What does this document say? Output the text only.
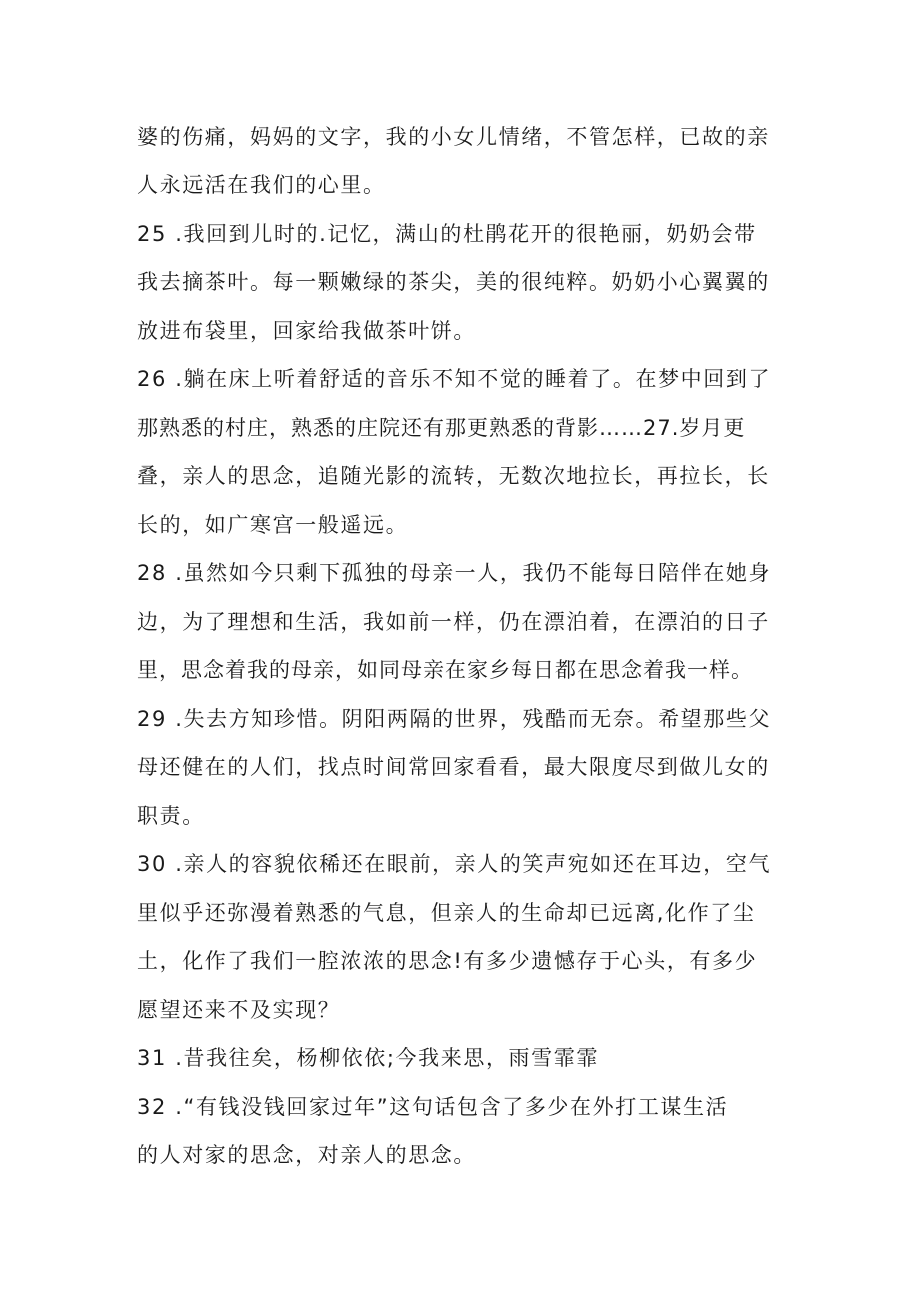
婆的伤痛，妈妈的文字，我的小女儿情绪，不管怎样，已故的亲
人永远活在我们的心里。
25 .我回到儿时的.记忆，满山的杜鹃花开的很艳丽，奶奶会带
我去摘茶叶。每一颗嫩绿的茶尖，美的很纯粹。奶奶小心翼翼的
放进布袋里，回家给我做茶叶饼。
26 .躺在床上听着舒适的音乐不知不觉的睡着了。在梦中回到了
那熟悉的村庄，熟悉的庄院还有那更熟悉的背影……27.岁月更
叠，亲人的思念，追随光影的流转，无数次地拉长，再拉长，长
长的，如广寒宫一般遥远。
28 .虽然如今只剩下孤独的母亲一人，我仍不能每日陪伴在她身
边，为了理想和生活，我如前一样，仍在漂泊着，在漂泊的日子
里，思念着我的母亲，如同母亲在家乡每日都在思念着我一样。
29 .失去方知珍惜。阴阳两隔的世界，残酷而无奈。希望那些父
母还健在的人们，找点时间常回家看看，最大限度尽到做儿女的
职责。
30 .亲人的容貌依稀还在眼前，亲人的笑声宛如还在耳边，空气
里似乎还弥漫着熟悉的气息，但亲人的生命却已远离,化作了尘
土，化作了我们一腔浓浓的思念!有多少遗憾存于心头，有多少
愿望还来不及实现？
31 .昔我往矣，杨柳依依;今我来思，雨雪霏霏
32 .“有钱没钱回家过年”这句话包含了多少在外打工谋生活
的人对家的思念，对亲人的思念。
